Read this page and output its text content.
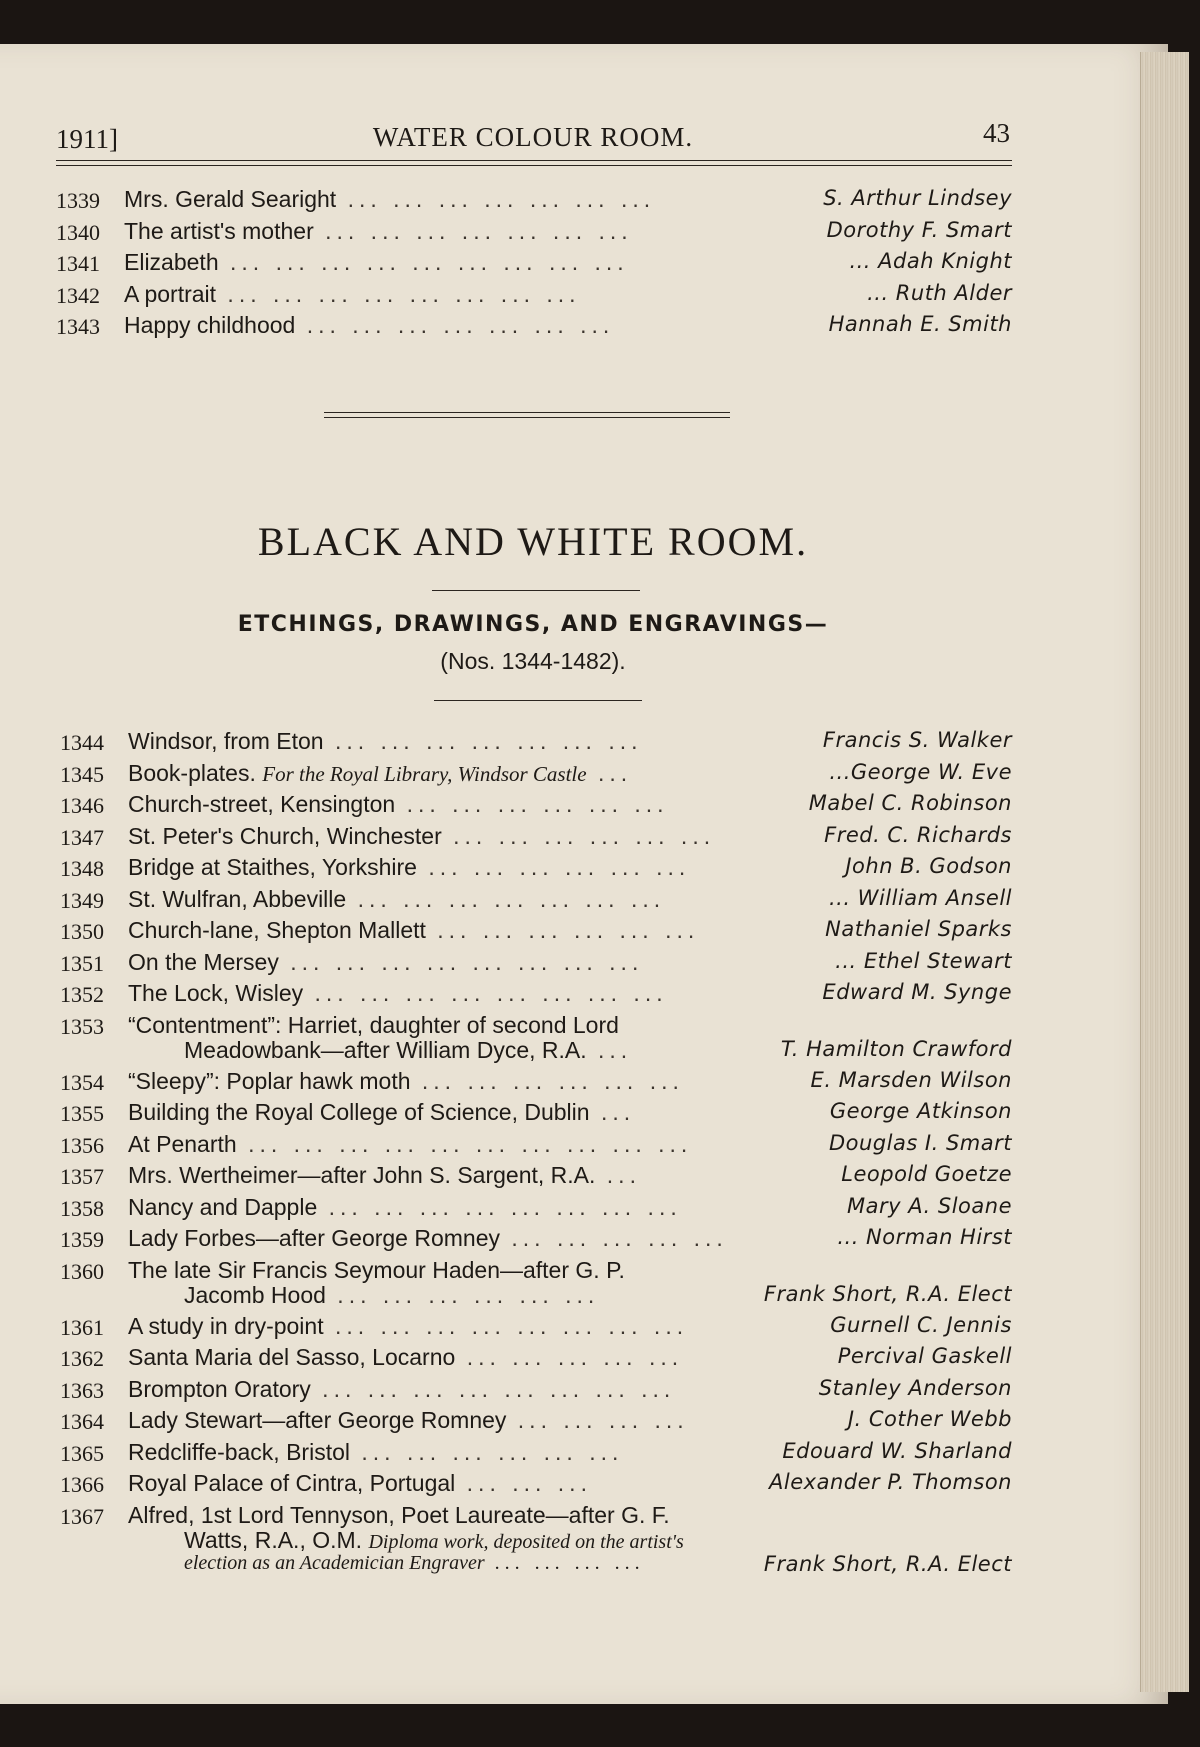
1911]	WATER COLOUR ROOM.	43
1339 Mrs. Gerald Searight ... ... ... ... ... ... ...	S. Arthur Lindsey
1340 The artist's mother ... ... ... ... ... ... ...	Dorothy F. Smart
1341 Elizabeth ... ... ... ... ... ... ... ... ...	... Adah Knight
1342 A portrait ... ... ... ... ... ... ... ...	... Ruth Alder
1343 Happy childhood ... ... ... ... ... ... ...	Hannah E. Smith
BLACK AND WHITE ROOM.
ETCHINGS, DRAWINGS, AND ENGRAVINGS—
(Nos. 1344-1482).
1344 Windsor, from Eton ... ... ... ... ... ... ...	Francis S. Walker
1345 Book-plates. For the Royal Library, Windsor Castle ...	...George W. Eve
1346 Church-street, Kensington ... ... ... ... ... ...	Mabel C. Robinson
1347 St. Peter's Church, Winchester ... ... ... ... ... ...	Fred. C. Richards
1348 Bridge at Staithes, Yorkshire ... ... ... ... ... ...	John B. Godson
1349 St. Wulfran, Abbeville ... ... ... ... ... ... ...	... William Ansell
1350 Church-lane, Shepton Mallett ... ... ... ... ... ...	Nathaniel Sparks
1351 On the Mersey ... ... ... ... ... ... ... ...	... Ethel Stewart
1352 The Lock, Wisley ... ... ... ... ... ... ... ...	Edward M. Synge
1353 “Contentment”: Harriet, daughter of second Lord
Meadowbank—after William Dyce, R.A. ...	T. Hamilton Crawford
1354 “Sleepy”: Poplar hawk moth ... ... ... ... ... ...	E. Marsden Wilson
1355 Building the Royal College of Science, Dublin ...	George Atkinson
1356 At Penarth ... ... ... ... ... ... ... ... ... ...	Douglas I. Smart
1357 Mrs. Wertheimer—after John S. Sargent, R.A. ...	Leopold Goetze
1358 Nancy and Dapple ... ... ... ... ... ... ... ...	Mary A. Sloane
1359 Lady Forbes—after George Romney ... ... ... ... ...	... Norman Hirst
1360 The late Sir Francis Seymour Haden—after G. P.
Jacomb Hood ... ... ... ... ... ...	Frank Short, R.A. Elect
1361 A study in dry-point ... ... ... ... ... ... ... ...	Gurnell C. Jennis
1362 Santa Maria del Sasso, Locarno ... ... ... ... ...	Percival Gaskell
1363 Brompton Oratory ... ... ... ... ... ... ... ...	Stanley Anderson
1364 Lady Stewart—after George Romney ... ... ... ...	J. Cother Webb
1365 Redcliffe-back, Bristol ... ... ... ... ... ...	Edouard W. Sharland
1366 Royal Palace of Cintra, Portugal ... ... ...	Alexander P. Thomson
1367 Alfred, 1st Lord Tennyson, Poet Laureate—after G. F.
Watts, R.A., O.M. Diploma work, deposited on the artist's
election as an Academician Engraver ... ... ... ...	Frank Short, R.A. Elect
